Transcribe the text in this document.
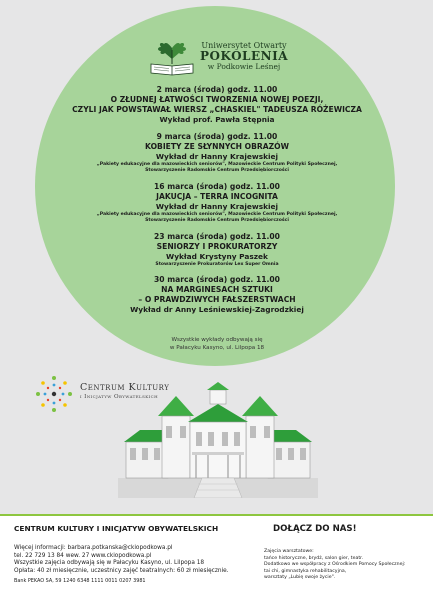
Uniwersytet Otwarty
POKOLENIA
w Podkowie Leśnej
2 marca (środa) godz. 11.00
O ZŁUDNEJ ŁATWOŚCI TWORZENIA NOWEJ POEZJI,
CZYLI JAK POWSTAWAŁ WIERSZ „CHASKIEL" TADEUSZA RÓŻEWICZA
Wykład prof. Pawła Stępnia
9 marca (środa) godz. 11.00
KOBIETY ZE SŁYNNYCH OBRAZÓW
Wykład dr Hanny Krajewskiej
„Pakiety edukacyjne dla mazowieckich seniorów", Mazowieckie Centrum Polityki Społecznej,
Stowarzyszenie Radomskie Centrum Przedsiębiorczości
16 marca (środa) godz. 11.00
JAKUCJA – TERRA INCOGNITA
Wykład dr Hanny Krajewskiej
„Pakiety edukacyjne dla mazowieckich seniorów", Mazowieckie Centrum Polityki Społecznej,
Stowarzyszenie Radomskie Centrum Przedsiębiorczości
23 marca (środa) godz. 11.00
SENIORZY I PROKURATORZY
Wykład Krystyny Paszek
Stowarzyszenie Prokuratorów Lex Super Omnia
30 marca (środa) godz. 11.00
NA MARGINESACH SZTUKI
– O PRAWDZIWYCH FAŁSZERSTWACH
Wykład dr Anny Leśniewskiej-Zagrodzkiej
Wszystkie wykłady odbywają się
w Pałacyku Kasyno, ul. Lilpopa 18
Centrum Kultury
i Inicjatyw Obywatelskich
CENTRUM KULTURY I INICJATYW OBYWATELSKICH
Więcej informacji: barbara.potkanska@ckiopodkowa.pl
tel. 22 729 13 84 wew. 27 www.ckiopodkowa.pl
Wszystkie zajęcia odbywają się w Pałacyku Kasyno, ul. Lilpopa 18
Opłata: 40 zł miesięcznie, uczestnicy zajęć teatralnych: 60 zł miesięcznie.
Bank PEKAO SA, 59 1240 6348 1111 0011 0207 3981
DOŁĄCZ DO NAS!
Zajęcia warsztatowe:
tańce historyczne, brydż, salon gier, teatr.
Dodatkowo we współpracy z Ośrodkiem Pomocy Społecznej:
tai chi, gimnastyka rehabilitacyjna,
warsztaty „Lubię swoje życie".
